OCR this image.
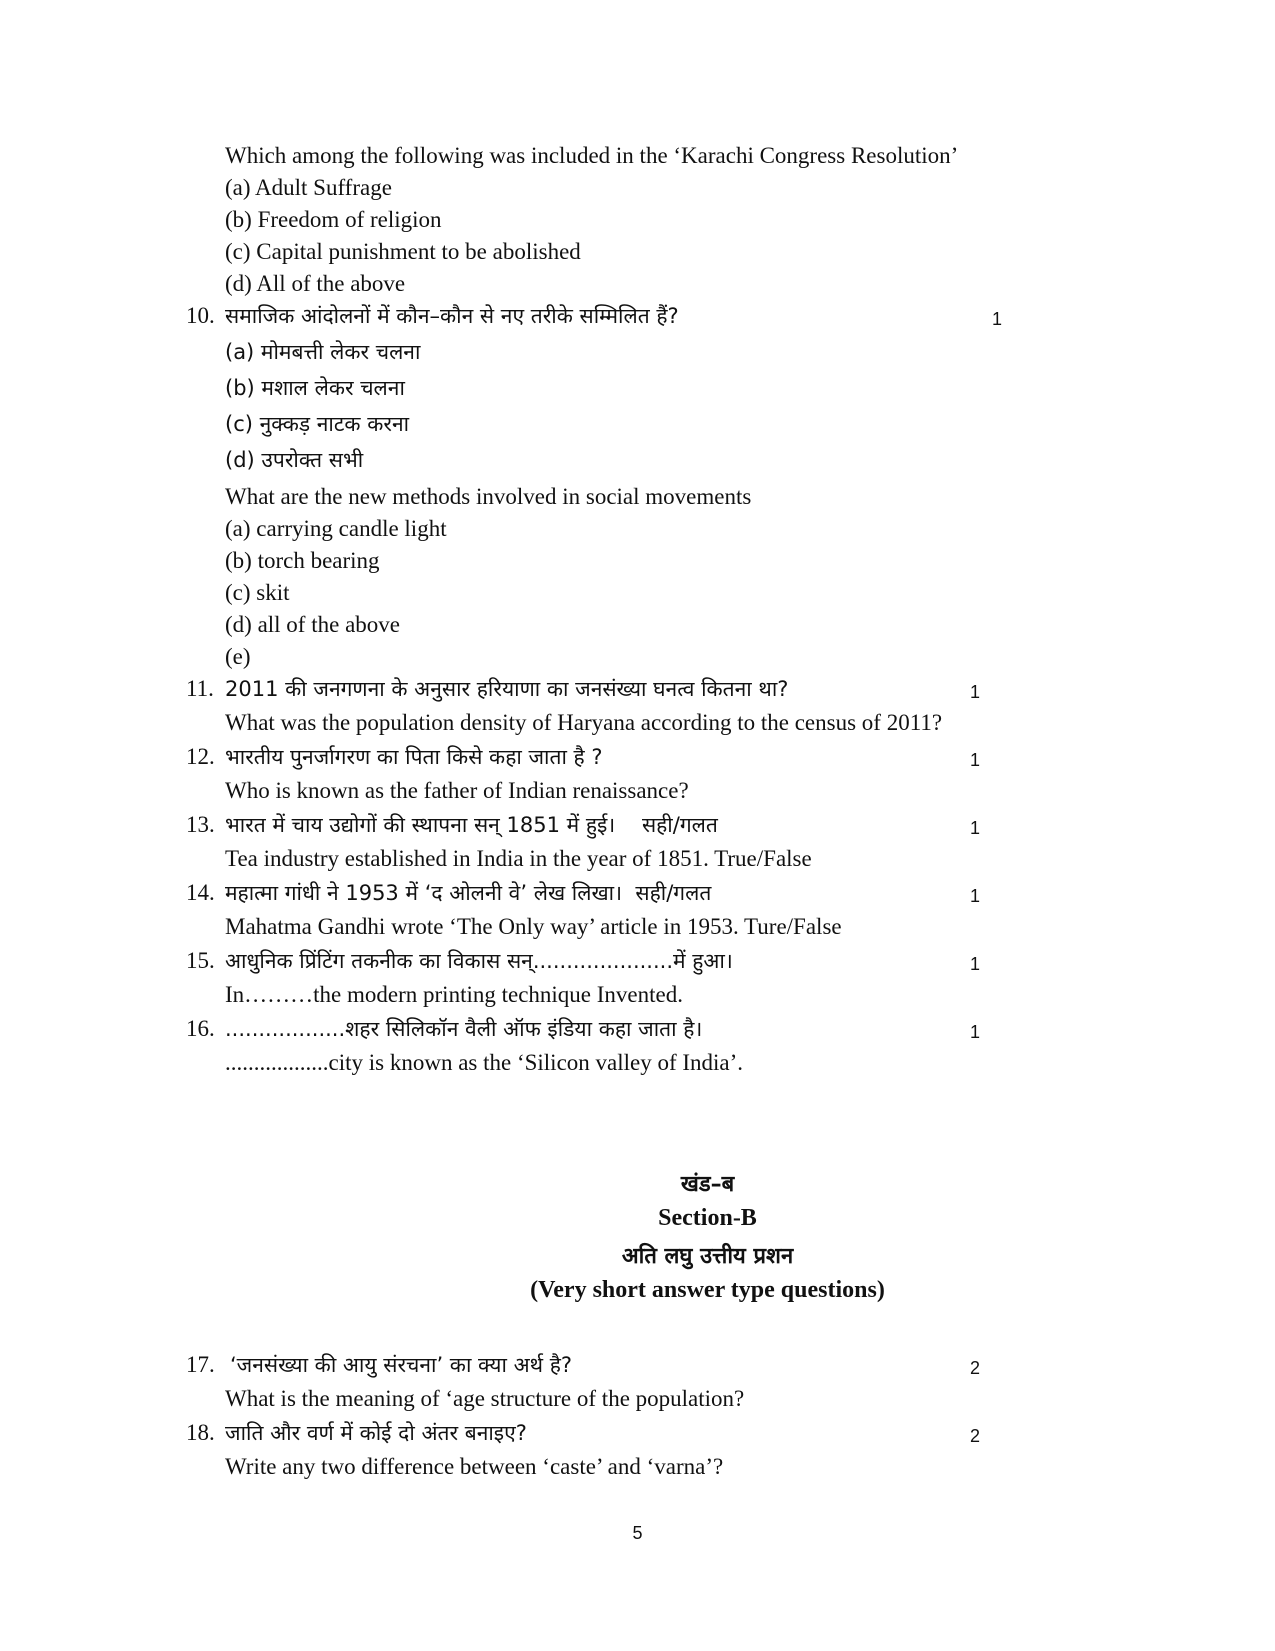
Which among the following was included in the ‘Karachi Congress Resolution’
(a) Adult Suffrage
(b) Freedom of religion
(c) Capital punishment to be abolished
(d) All of the above
10. समाजिक आंदोलनों में कौन–कौन से नए तरीके सम्मिलित हैं?	1
(a) मोमबत्ती लेकर चलना
(b) मशाल लेकर चलना
(c) नुक्कड़ नाटक करना
(d) उपरोक्त सभी
What are the new methods involved in social movements
(a) carrying candle light
(b) torch bearing
(c) skit
(d) all of the above
(e)
11. 2011 की जनगणना के अनुसार हरियाणा का जनसंख्या घनत्व कितना था?	1
What was the population density of Haryana according to the census of 2011?
12. भारतीय पुनर्जागरण का पिता किसे कहा जाता है ?	1
Who is known as the father of Indian renaissance?
13. भारत में चाय उद्योगों की स्थापना सन् 1851 में हुई।    सही/गलत	1
Tea industry established in India in the year of 1851. True/False
14. महात्मा गांधी ने 1953 में ‘द ओलनी वे’ लेख लिखा।  सही/गलत	1
Mahatma Gandhi wrote ‘The Only way’ article in 1953. Ture/False
15. आधुनिक प्रिंटिंग तकनीक का विकास सन्.....................में हुआ।	1
In………the modern printing technique Invented.
16. ..................शहर सिलिकॉन वैली ऑफ इंडिया कहा जाता है।	1
..................city is known as the ‘Silicon valley of India’.
खंड–ब
Section-B
अति लघु उत्तीय प्रशन
(Very short answer type questions)
17. ‘जनसंख्या की आयु संरचना’ का क्या अर्थ है?	2
What is the meaning of ‘age structure of the population?
18. जाति और वर्ण में कोई दो अंतर बनाइए?	2
Write any two difference between ‘caste’ and ‘varna’?
5
